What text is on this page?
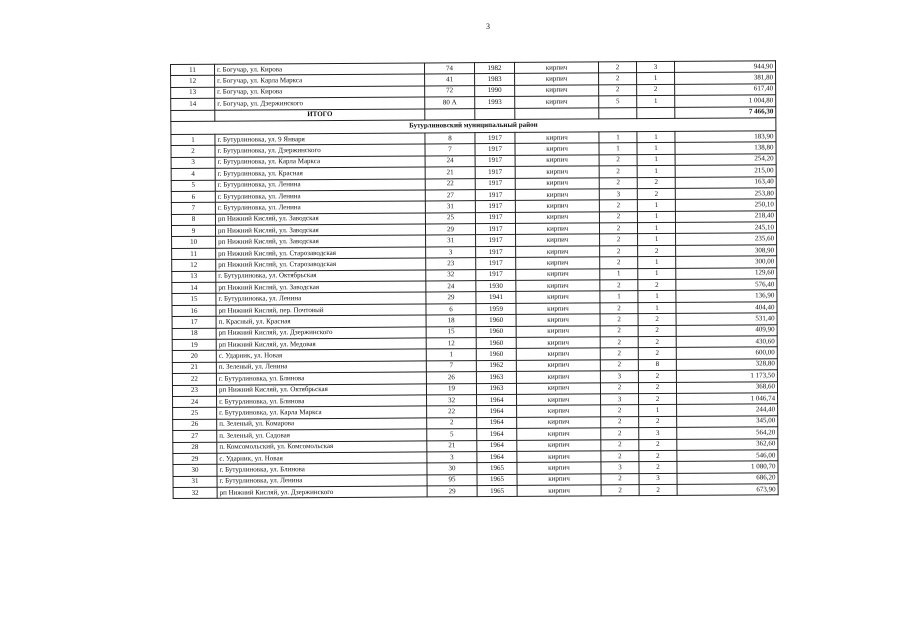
3
11	г. Богучар, ул. Кирова	74	1982	кирпич	2	3	944,90
12	г. Богучар, ул. Карла Маркса	41	1983	кирпич	2	1	381,80
13	г. Богучар, ул. Кирова	72	1990	кирпич	2	2	617,40
14	г. Богучар, ул. Дзержинского	80 А	1993	кирпич	5	1	1 004,80
	ИТОГО						7 466,30
Бутурлиновский муниципальный район							
1	г. Бутурлиновка, ул. 9 Января	8	1917	кирпич	1	1	183,90
2	г. Бутурлиновка, ул. Дзержинского	7	1917	кирпич	1	1	138,80
3	г. Бутурлиновка, ул. Карла Маркса	24	1917	кирпич	2	1	254,20
4	г. Бутурлиновка, ул. Красная	21	1917	кирпич	2	1	215,00
5	г. Бутурлиновка, ул. Ленина	22	1917	кирпич	2	2	163,40
6	г. Бутурлиновка, ул. Ленина	27	1917	кирпич	3	2	253,80
7	г. Бутурлиновка, ул. Ленина	31	1917	кирпич	2	1	250,10
8	рп Нижний Кисляй, ул. Заводская	25	1917	кирпич	2	1	218,40
9	рп Нижний Кисляй, ул. Заводская	29	1917	кирпич	2	1	245,10
10	рп Нижний Кисляй, ул. Заводская	31	1917	кирпич	2	1	235,60
11	рп Нижний Кисляй, ул. Старозаводская	3	1917	кирпич	2	2	308,90
12	рп Нижний Кисляй, ул. Старозаводская	23	1917	кирпич	2	1	300,00
13	г. Бутурлиновка, ул. Октябрьская	32	1917	кирпич	1	1	129,60
14	рп Нижний Кисляй, ул. Заводская	24	1930	кирпич	2	2	576,40
15	г. Бутурлиновка, ул. Ленина	29	1941	кирпич	1	1	136,90
16	рп Нижний Кисляй, пер. Почтовый	6	1959	кирпич	2	1	404,40
17	п. Красный, ул. Красная	18	1960	кирпич	2	2	531,40
18	рп Нижний Кисляй, ул. Дзержинского	15	1960	кирпич	2	2	409,90
19	рп Нижний Кисляй, ул. Медовая	12	1960	кирпич	2	2	430,60
20	с. Ударник, ул. Новая	1	1960	кирпич	2	2	600,00
21	п. Зеленый, ул. Ленина	7	1962	кирпич	2	8	328,80
22	г. Бутурлиновка, ул. Блинова	26	1963	кирпич	3	2	1 173,50
23	рп Нижний Кисляй, ул. Октябрьская	19	1963	кирпич	2	2	368,60
24	г. Бутурлиновка, ул. Блинова	32	1964	кирпич	3	2	1 046,74
25	г. Бутурлиновка, ул. Карла Маркса	22	1964	кирпич	2	1	244,40
26	п. Зеленый, ул. Комарова	2	1964	кирпич	2	2	345,00
27	п. Зеленый, ул. Садовая	5	1964	кирпич	2	3	564,20
28	п. Комсомольский, ул. Комсомольская	21	1964	кирпич	2	2	362,60
29	с. Ударник, ул. Новая	3	1964	кирпич	2	2	546,00
30	г. Бутурлиновка, ул. Блинова	30	1965	кирпич	3	2	1 080,70
31	г. Бутурлиновка, ул. Ленина	95	1965	кирпич	2	3	686,20
32	рп Нижний Кисляй, ул. Дзержинского	29	1965	кирпич	2	2	673,90
